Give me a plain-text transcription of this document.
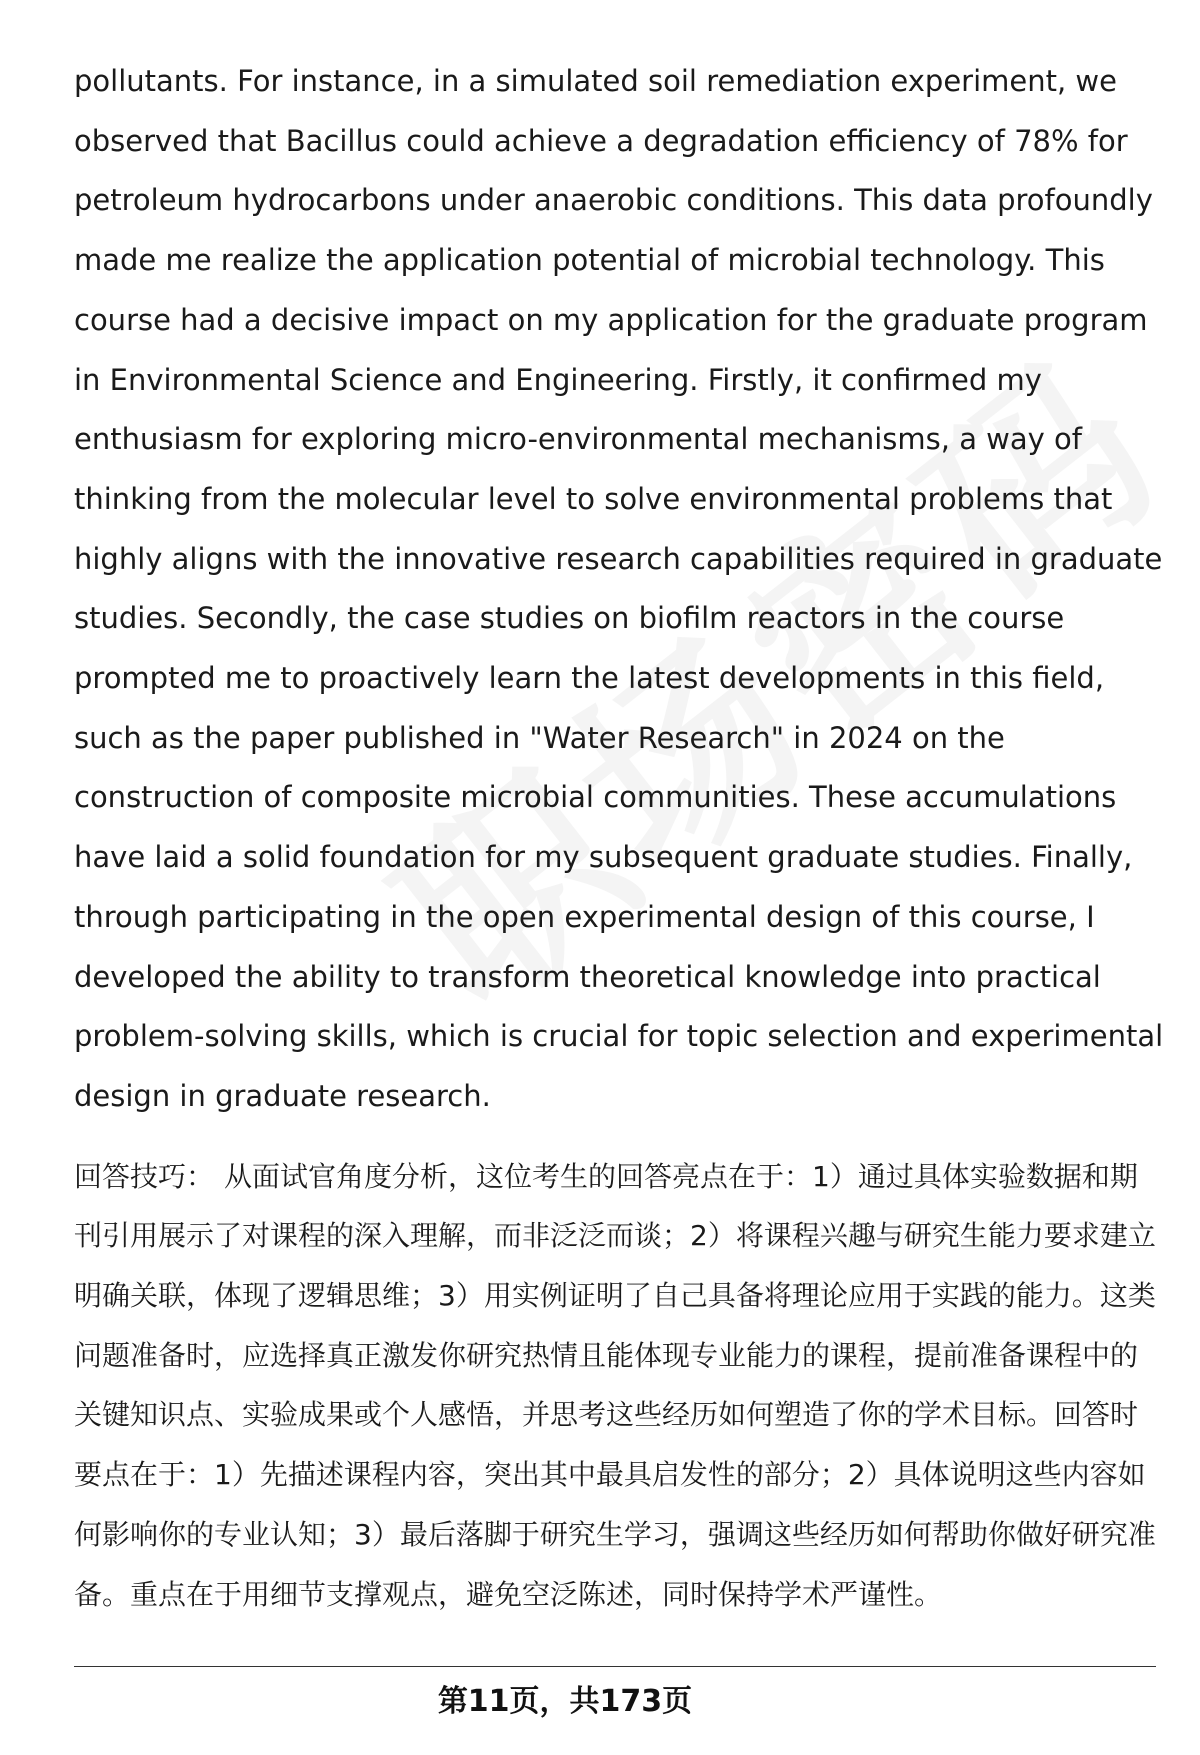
pollutants. For instance, in a simulated soil remediation experiment, we observed that Bacillus could achieve a degradation efficiency of 78% for petroleum hydrocarbons under anaerobic conditions. This data profoundly made me realize the application potential of microbial technology. This course had a decisive impact on my application for the graduate program in Environmental Science and Engineering. Firstly, it confirmed my enthusiasm for exploring micro-environmental mechanisms, a way of thinking from the molecular level to solve environmental problems that highly aligns with the innovative research capabilities required in graduate studies. Secondly, the case studies on biofilm reactors in the course prompted me to proactively learn the latest developments in this field, such as the paper published in "Water Research" in 2024 on the construction of composite microbial communities. These accumulations have laid a solid foundation for my subsequent graduate studies. Finally, through participating in the open experimental design of this course, I developed the ability to transform theoretical knowledge into practical problem-solving skills, which is crucial for topic selection and experimental design in graduate research.

回答技巧： 从面试官角度分析，这位考生的回答亮点在于：1）通过具体实验数据和期刊引用展示了对课程的深入理解，而非泛泛而谈；2）将课程兴趣与研究生能力要求建立明确关联，体现了逻辑思维；3）用实例证明了自己具备将理论应用于实践的能力。这类问题准备时，应选择真正激发你研究热情且能体现专业能力的课程，提前准备课程中的关键知识点、实验成果或个人感悟，并思考这些经历如何塑造了你的学术目标。回答时要点在于：1）先描述课程内容，突出其中最具启发性的部分；2）具体说明这些内容如何影响你的专业认知；3）最后落脚于研究生学习，强调这些经历如何帮助你做好研究准备。重点在于用细节支撑观点，避免空泛陈述，同时保持学术严谨性。

第11页，共173页
